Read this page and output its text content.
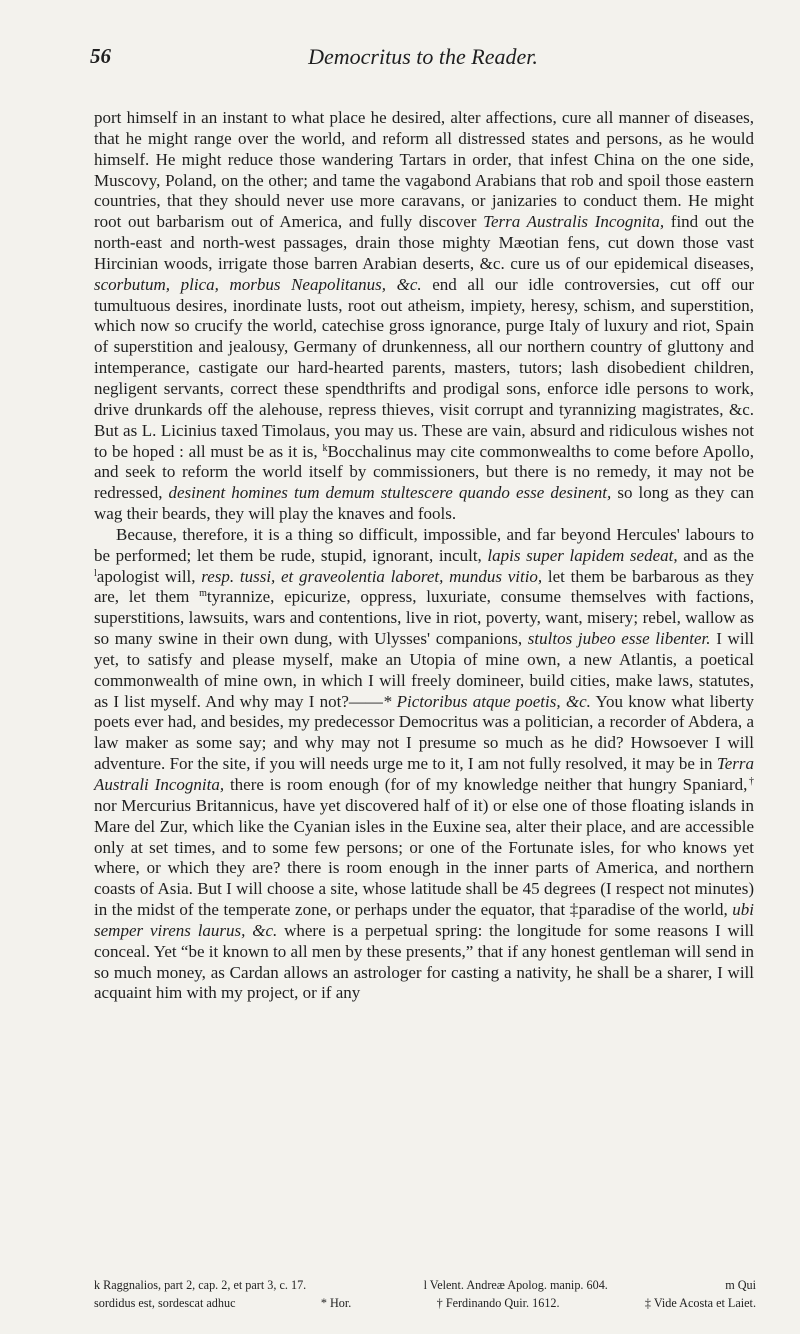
56	Democritus to the Reader.

port himself in an instant to what place he desired, alter affections, cure all manner of diseases, that he might range over the world, and reform all distressed states and persons, as he would himself. He might reduce those wandering Tartars in order, that infest China on the one side, Muscovy, Poland, on the other; and tame the vagabond Arabians that rob and spoil those eastern countries, that they should never use more caravans, or janizaries to conduct them. He might root out barbarism out of America, and fully discover Terra Australis Incognita, find out the north-east and north-west passages, drain those mighty Mæotian fens, cut down those vast Hircinian woods, irrigate those barren Arabian deserts, &c. cure us of our epidemical diseases, scorbutum, plica, morbus Neapolitanus, &c. end all our idle controversies, cut off our tumultuous desires, inordinate lusts, root out atheism, impiety, heresy, schism, and superstition, which now so crucify the world, catechise gross ignorance, purge Italy of luxury and riot, Spain of superstition and jealousy, Germany of drunkenness, all our northern country of gluttony and intemperance, castigate our hard-hearted parents, masters, tutors; lash disobedient children, negligent servants, correct these spendthrifts and prodigal sons, enforce idle persons to work, drive drunkards off the alehouse, repress thieves, visit corrupt and tyrannizing magistrates, &c. But as L. Licinius taxed Timolaus, you may us. These are vain, absurd and ridiculous wishes not to be hoped : all must be as it is, $^k$Bocchalinus may cite commonwealths to come before Apollo, and seek to reform the world itself by commissioners, but there is no remedy, it may not be redressed, desinent homines tum demum stultescere quando esse desinent, so long as they can wag their beards, they will play the knaves and fools.

Because, therefore, it is a thing so difficult, impossible, and far beyond Hercules' labours to be performed; let them be rude, stupid, ignorant, incult, lapis super lapidem sedeat, and as the $^l$apologist will, resp. tussi, et graveolentia laboret, mundus vitio, let them be barbarous as they are, let them $^m$tyrannize, epicurize, oppress, luxuriate, consume themselves with factions, superstitions, lawsuits, wars and contentions, live in riot, poverty, want, misery; rebel, wallow as so many swine in their own dung, with Ulysses' companions, stultos jubeo esse libenter. I will yet, to satisfy and please myself, make an Utopia of mine own, a new Atlantis, a poetical commonwealth of mine own, in which I will freely domineer, build cities, make laws, statutes, as I list myself. And why may I not?——* Pictoribus atque poetis, &c. You know what liberty poets ever had, and besides, my predecessor Democritus was a politician, a recorder of Abdera, a law maker as some say; and why may not I presume so much as he did? Howsoever I will adventure. For the site, if you will needs urge me to it, I am not fully resolved, it may be in Terra Australi Incognita, there is room enough (for of my knowledge neither that hungry Spaniard,† nor Mercurius Britannicus, have yet discovered half of it) or else one of those floating islands in Mare del Zur, which like the Cyanian isles in the Euxine sea, alter their place, and are accessible only at set times, and to some few persons; or one of the Fortunate isles, for who knows yet where, or which they are? there is room enough in the inner parts of America, and northern coasts of Asia. But I will choose a site, whose latitude shall be 45 degrees (I respect not minutes) in the midst of the temperate zone, or perhaps under the equator, that ‡paradise of the world, ubi semper virens laurus, &c. where is a perpetual spring: the longitude for some reasons I will conceal. Yet “be it known to all men by these presents,” that if any honest gentleman will send in so much money, as Cardan allows an astrologer for casting a nativity, he shall be a sharer, I will acquaint him with my project, or if any

k Raggnalios, part 2, cap. 2, et part 3, c. 17.	l Velent. Andreæ Apolog. manip. 604.	m Qui
sordidus est, sordescat adhuc	* Hor.	† Ferdinando Quir. 1612.	‡ Vide Acosta et Laiet.
